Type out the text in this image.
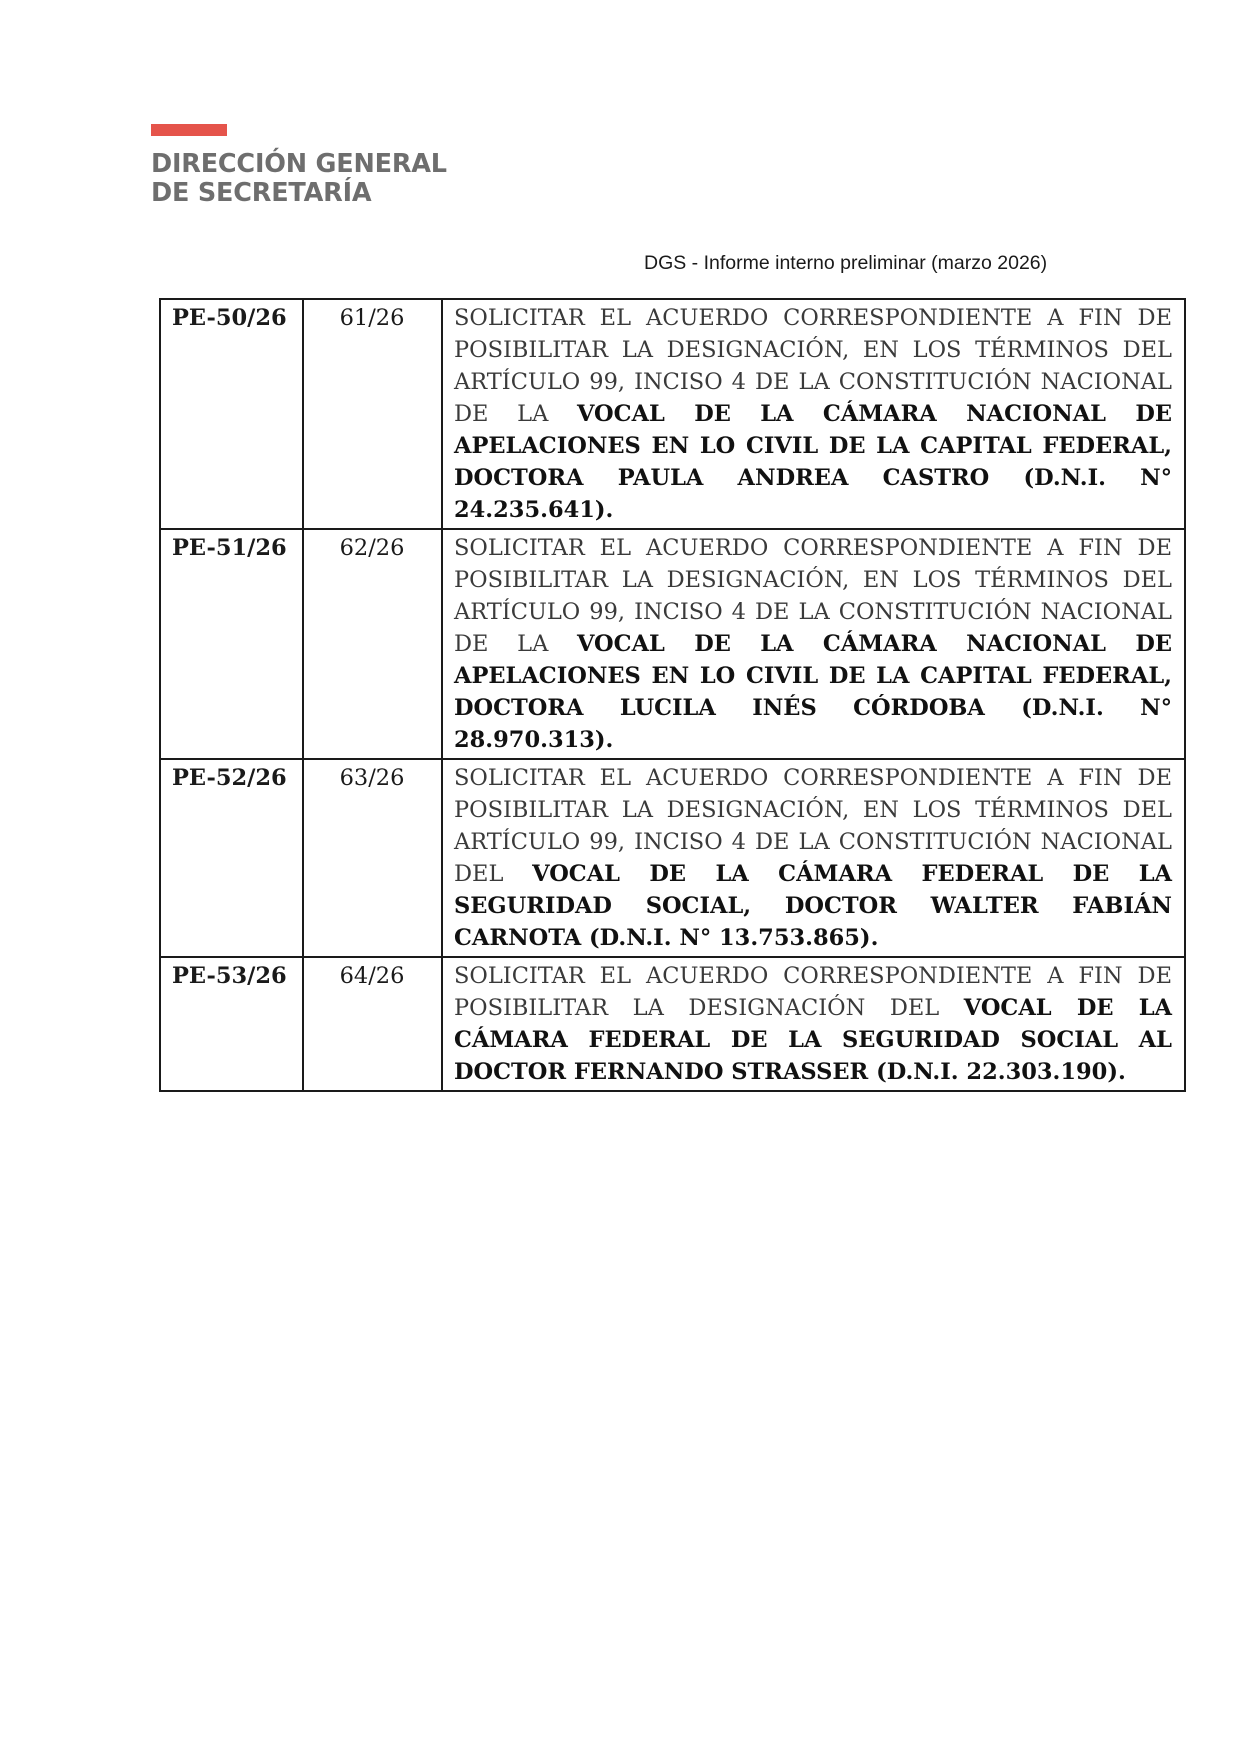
DIRECCIÓN GENERAL
DE SECRETARÍA
DGS - Informe interno preliminar (marzo 2026)
PE-50/26	61/26	SOLICITAR EL ACUERDO CORRESPONDIENTE A FIN DE POSIBILITAR LA DESIGNACIÓN, EN LOS TÉRMINOS DEL ARTÍCULO 99, INCISO 4 DE LA CONSTITUCIÓN NACIONAL DE LA VOCAL DE LA CÁMARA NACIONAL DE APELACIONES EN LO CIVIL DE LA CAPITAL FEDERAL, DOCTORA PAULA ANDREA CASTRO (D.N.I. N° 24.235.641).
PE-51/26	62/26	SOLICITAR EL ACUERDO CORRESPONDIENTE A FIN DE POSIBILITAR LA DESIGNACIÓN, EN LOS TÉRMINOS DEL ARTÍCULO 99, INCISO 4 DE LA CONSTITUCIÓN NACIONAL DE LA VOCAL DE LA CÁMARA NACIONAL DE APELACIONES EN LO CIVIL DE LA CAPITAL FEDERAL, DOCTORA LUCILA INÉS CÓRDOBA (D.N.I. N° 28.970.313).
PE-52/26	63/26	SOLICITAR EL ACUERDO CORRESPONDIENTE A FIN DE POSIBILITAR LA DESIGNACIÓN, EN LOS TÉRMINOS DEL ARTÍCULO 99, INCISO 4 DE LA CONSTITUCIÓN NACIONAL DEL VOCAL DE LA CÁMARA FEDERAL DE LA SEGURIDAD SOCIAL, DOCTOR WALTER FABIÁN CARNOTA (D.N.I. N° 13.753.865).
PE-53/26	64/26	SOLICITAR EL ACUERDO CORRESPONDIENTE A FIN DE POSIBILITAR LA DESIGNACIÓN DEL VOCAL DE LA CÁMARA FEDERAL DE LA SEGURIDAD SOCIAL AL DOCTOR FERNANDO STRASSER (D.N.I. 22.303.190).
